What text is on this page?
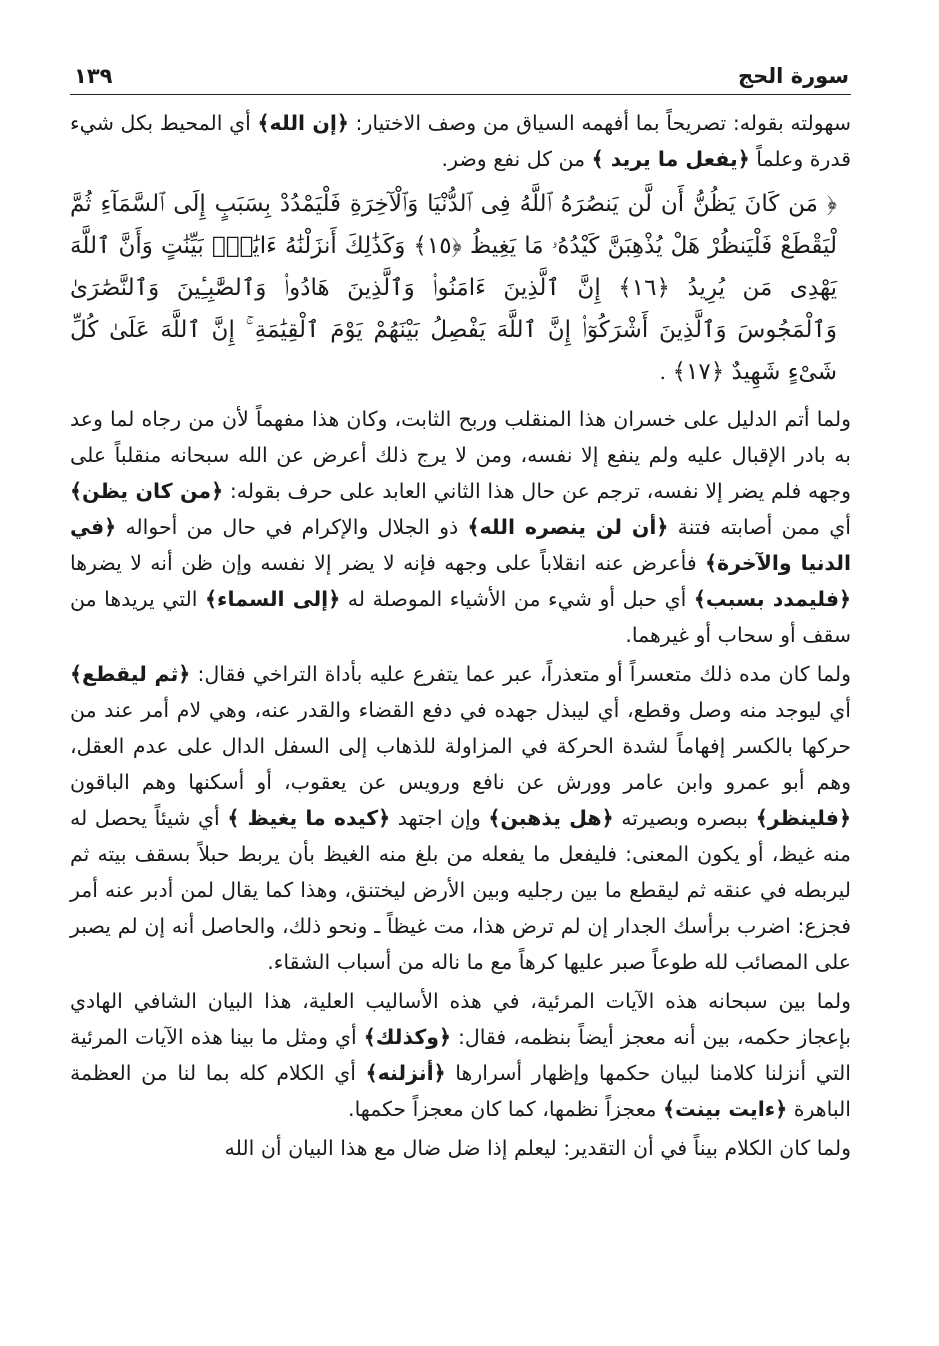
سورة الحج
١٣٩

سهولته بقوله: تصريحاً بما أفهمه السياق من وصف الاختيار: ﴿إن الله﴾ أي المحيط بكل شيء قدرة وعلماً ﴿يفعل ما يريد ﴾ من كل نفع وضر.

﴿ مَن كَانَ يَظُنُّ أَن لَّن يَنصُرَهُ ٱللَّهُ فِى ٱلدُّنْيَا وَٱلْآخِرَةِ فَلْيَمْدُدْ بِسَبَبٍ إِلَى ٱلسَّمَآءِ ثُمَّ لْيَقْطَعْ فَلْيَنظُرْ هَلْ يُذْهِبَنَّ كَيْدُهُۥ مَا يَغِيظُ ﴿١٥﴾ وَكَذَٰلِكَ أَنزَلْنَٰهُ ءَايَٰتٍۭ بَيِّنَٰتٍ وَأَنَّ ٱللَّهَ يَهْدِى مَن يُرِيدُ ﴿١٦﴾ إِنَّ ٱلَّذِينَ ءَامَنُوا۟ وَٱلَّذِينَ هَادُوا۟ وَٱلصَّٰبِـِٔينَ وَٱلنَّصَٰرَىٰ وَٱلْمَجُوسَ وَٱلَّذِينَ أَشْرَكُوٓا۟ إِنَّ ٱللَّهَ يَفْصِلُ بَيْنَهُمْ يَوْمَ ٱلْقِيَٰمَةِ ۚ إِنَّ ٱللَّهَ عَلَىٰ كُلِّ شَىْءٍ شَهِيدٌ ﴿١٧﴾ .

ولما أتم الدليل على خسران هذا المنقلب وربح الثابت، وكان هذا مفهماً لأن من رجاه لما وعد به بادر الإقبال عليه ولم ينفع إلا نفسه، ومن لا يرج ذلك أعرض عن الله سبحانه منقلباً على وجهه فلم يضر إلا نفسه، ترجم عن حال هذا الثاني العابد على حرف بقوله: ﴿من كان يظن﴾ أي ممن أصابته فتنة ﴿أن لن ينصره الله﴾ ذو الجلال والإكرام في حال من أحواله ﴿في الدنيا والآخرة﴾ فأعرض عنه انقلاباً على وجهه فإنه لا يضر إلا نفسه وإن ظن أنه لا يضرها ﴿فليمدد بسبب﴾ أي حبل أو شيء من الأشياء الموصلة له ﴿إلى السماء﴾ التي يريدها من سقف أو سحاب أو غيرهما.

ولما كان مده ذلك متعسراً أو متعذراً، عبر عما يتفرع عليه بأداة التراخي فقال: ﴿ثم ليقطع﴾ أي ليوجد منه وصل وقطع، أي ليبذل جهده في دفع القضاء والقدر عنه، وهي لام أمر عند من حركها بالكسر إفهاماً لشدة الحركة في المزاولة للذهاب إلى السفل الدال على عدم العقل، وهم أبو عمرو وابن عامر وورش عن نافع ورويس عن يعقوب، أو أسكنها وهم الباقون ﴿فلينظر﴾ ببصره وبصيرته ﴿هل يذهبن﴾ وإن اجتهد ﴿كيده ما يغيظ ﴾ أي شيئاً يحصل له منه غيظ، أو يكون المعنى: فليفعل ما يفعله من بلغ منه الغيظ بأن يربط حبلاً بسقف بيته ثم ليربطه في عنقه ثم ليقطع ما بين رجليه وبين الأرض ليختنق، وهذا كما يقال لمن أدبر عنه أمر فجزع: اضرب برأسك الجدار إن لم ترض هذا، مت غيظاً ـ ونحو ذلك، والحاصل أنه إن لم يصبر على المصائب لله طوعاً صبر عليها كرهاً مع ما ناله من أسباب الشقاء.

ولما بين سبحانه هذه الآيات المرئية، في هذه الأساليب العلية، هذا البيان الشافي الهادي بإعجاز حكمه، بين أنه معجز أيضاً بنظمه، فقال: ﴿وكذلك﴾ أي ومثل ما بينا هذه الآيات المرئية التي أنزلنا كلامنا لبيان حكمها وإظهار أسرارها ﴿أنزلنه﴾ أي الكلام كله بما لنا من العظمة الباهرة ﴿ءايت بينت﴾ معجزاً نظمها، كما كان معجزاً حكمها.

ولما كان الكلام بيناً في أن التقدير: ليعلم إذا ضل ضال مع هذا البيان أن الله
